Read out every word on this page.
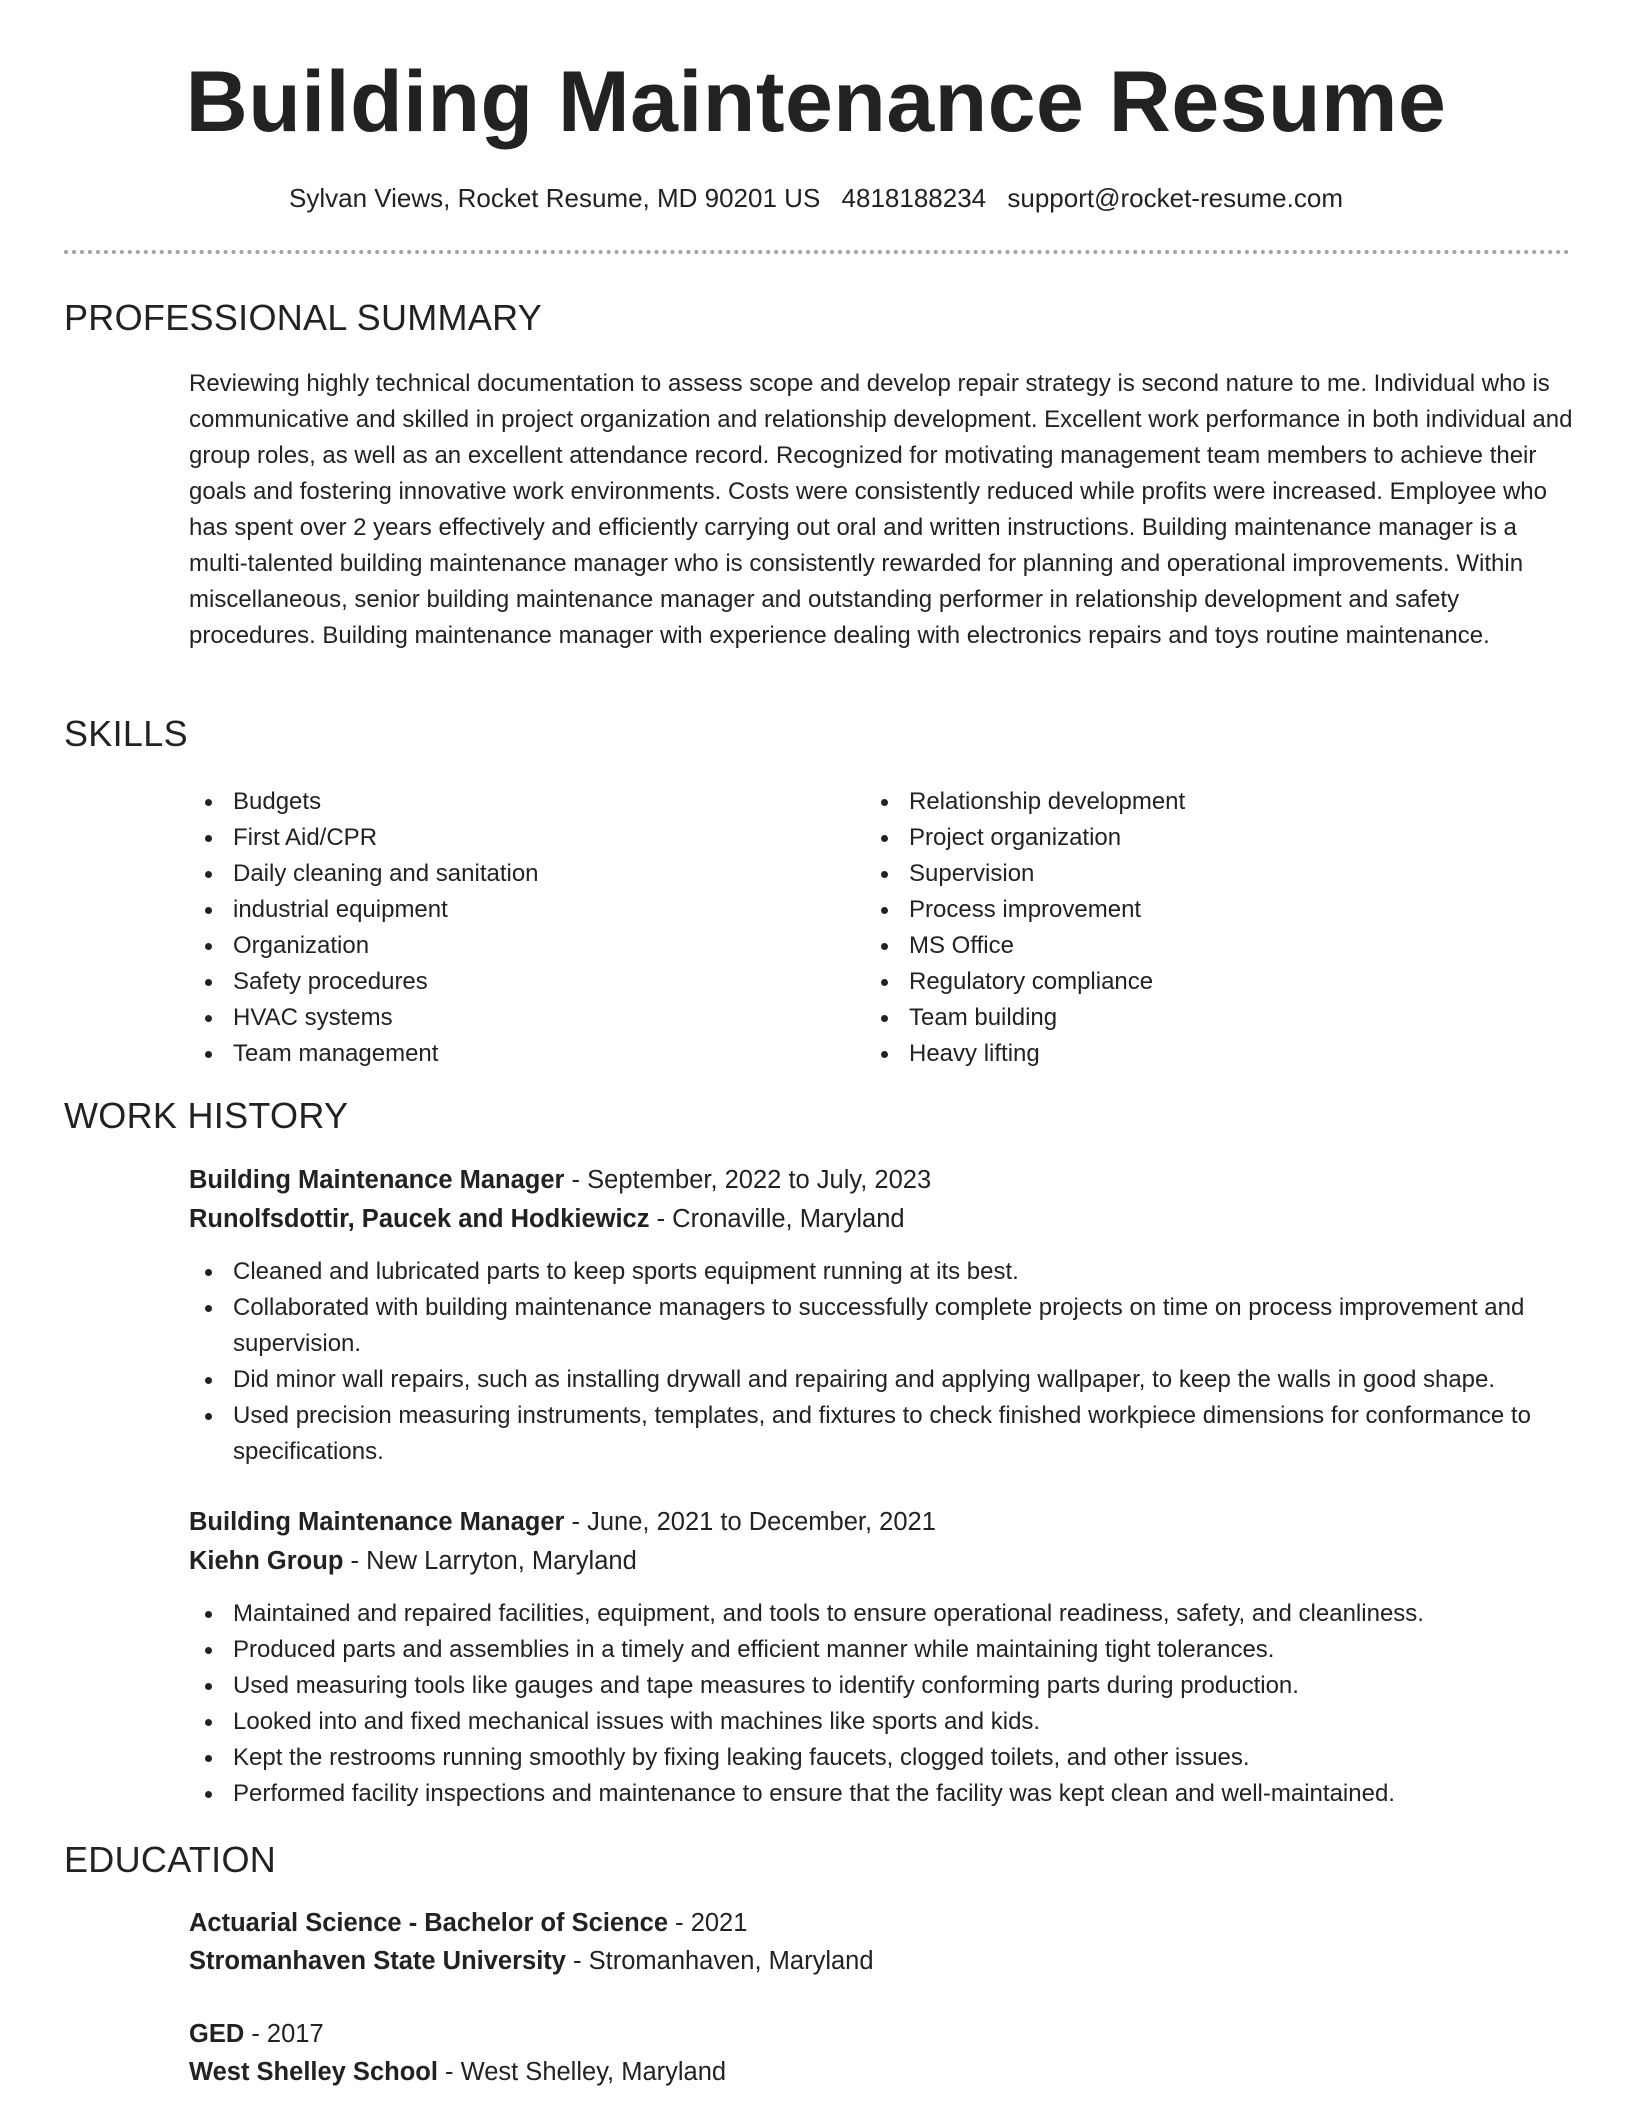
Building Maintenance Resume
Sylvan Views, Rocket Resume, MD 90201 US 4818188234 support@rocket-resume.com
PROFESSIONAL SUMMARY

Reviewing highly technical documentation to assess scope and develop repair strategy is second nature to me. Individual who is communicative and skilled in project organization and relationship development. Excellent work performance in both individual and group roles, as well as an excellent attendance record. Recognized for motivating management team members to achieve their goals and fostering innovative work environments. Costs were consistently reduced while profits were increased. Employee who has spent over 2 years effectively and efficiently carrying out oral and written instructions. Building maintenance manager is a multi-talented building maintenance manager who is consistently rewarded for planning and operational improvements. Within miscellaneous, senior building maintenance manager and outstanding performer in relationship development and safety procedures. Building maintenance manager with experience dealing with electronics repairs and toys routine maintenance.

SKILLS
Budgets
First Aid/CPR
Daily cleaning and sanitation
industrial equipment
Organization
Safety procedures
HVAC systems
Team management
Relationship development
Project organization
Supervision
Process improvement
MS Office
Regulatory compliance
Team building
Heavy lifting
WORK HISTORY
Building Maintenance Manager - September, 2022 to July, 2023
Runolfsdottir, Paucek and Hodkiewicz - Cronaville, Maryland
Cleaned and lubricated parts to keep sports equipment running at its best.
Collaborated with building maintenance managers to successfully complete projects on time on process improvement and supervision.
Did minor wall repairs, such as installing drywall and repairing and applying wallpaper, to keep the walls in good shape.
Used precision measuring instruments, templates, and fixtures to check finished workpiece dimensions for conformance to specifications.
Building Maintenance Manager - June, 2021 to December, 2021
Kiehn Group - New Larryton, Maryland
Maintained and repaired facilities, equipment, and tools to ensure operational readiness, safety, and cleanliness.
Produced parts and assemblies in a timely and efficient manner while maintaining tight tolerances.
Used measuring tools like gauges and tape measures to identify conforming parts during production.
Looked into and fixed mechanical issues with machines like sports and kids.
Kept the restrooms running smoothly by fixing leaking faucets, clogged toilets, and other issues.
Performed facility inspections and maintenance to ensure that the facility was kept clean and well-maintained.
EDUCATION
Actuarial Science - Bachelor of Science - 2021
Stromanhaven State University - Stromanhaven, Maryland
GED - 2017
West Shelley School - West Shelley, Maryland
